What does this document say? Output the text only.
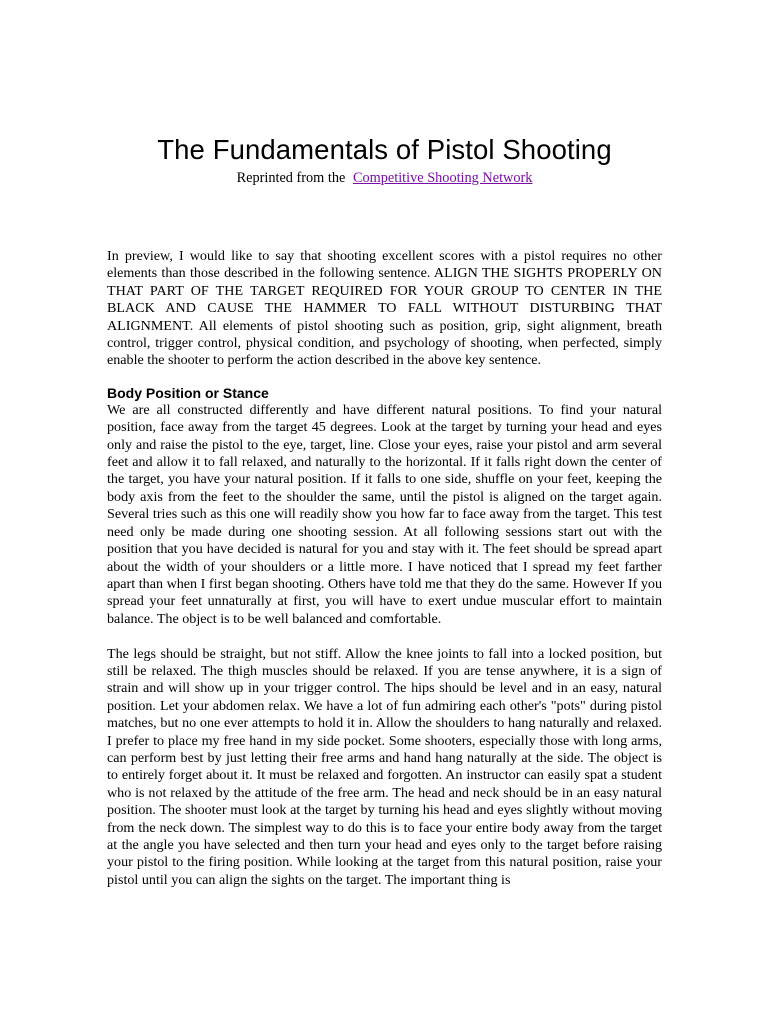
The Fundamentals of Pistol Shooting
Reprinted from the Competitive Shooting Network

In preview, I would like to say that shooting excellent scores with a pistol requires no other elements than those described in the following sentence. ALIGN THE SIGHTS PROPERLY ON THAT PART OF THE TARGET REQUIRED FOR YOUR GROUP TO CENTER IN THE BLACK AND CAUSE THE HAMMER TO FALL WITHOUT DISTURBING THAT ALIGNMENT. All elements of pistol shooting such as position, grip, sight alignment, breath control, trigger control, physical condition, and psychology of shooting, when perfected, simply enable the shooter to perform the action described in the above key sentence.

Body Position or Stance

We are all constructed differently and have different natural positions. To find your natural position, face away from the target 45 degrees. Look at the target by turning your head and eyes only and raise the pistol to the eye, target, line. Close your eyes, raise your pistol and arm several feet and allow it to fall relaxed, and naturally to the horizontal. If it falls right down the center of the target, you have your natural position. If it falls to one side, shuffle on your feet, keeping the body axis from the feet to the shoulder the same, until the pistol is aligned on the target again. Several tries such as this one will readily show you how far to face away from the target. This test need only be made during one shooting session. At all following sessions start out with the position that you have decided is natural for you and stay with it. The feet should be spread apart about the width of your shoulders or a little more. I have noticed that I spread my feet farther apart than when I first began shooting. Others have told me that they do the same. However If you spread your feet unnaturally at first, you will have to exert undue muscular effort to maintain balance. The object is to be well balanced and comfortable.

The legs should be straight, but not stiff. Allow the knee joints to fall into a locked position, but still be relaxed. The thigh muscles should be relaxed. If you are tense anywhere, it is a sign of strain and will show up in your trigger control. The hips should be level and in an easy, natural position. Let your abdomen relax. We have a lot of fun admiring each other's "pots" during pistol matches, but no one ever attempts to hold it in. Allow the shoulders to hang naturally and relaxed. I prefer to place my free hand in my side pocket. Some shooters, especially those with long arms, can perform best by just letting their free arms and hand hang naturally at the side. The object is to entirely forget about it. It must be relaxed and forgotten. An instructor can easily spat a student who is not relaxed by the attitude of the free arm. The head and neck should be in an easy natural position. The shooter must look at the target by turning his head and eyes slightly without moving from the neck down. The simplest way to do this is to face your entire body away from the target at the angle you have selected and then turn your head and eyes only to the target before raising your pistol to the firing position. While looking at the target from this natural position, raise your pistol until you can align the sights on the target. The important thing is
